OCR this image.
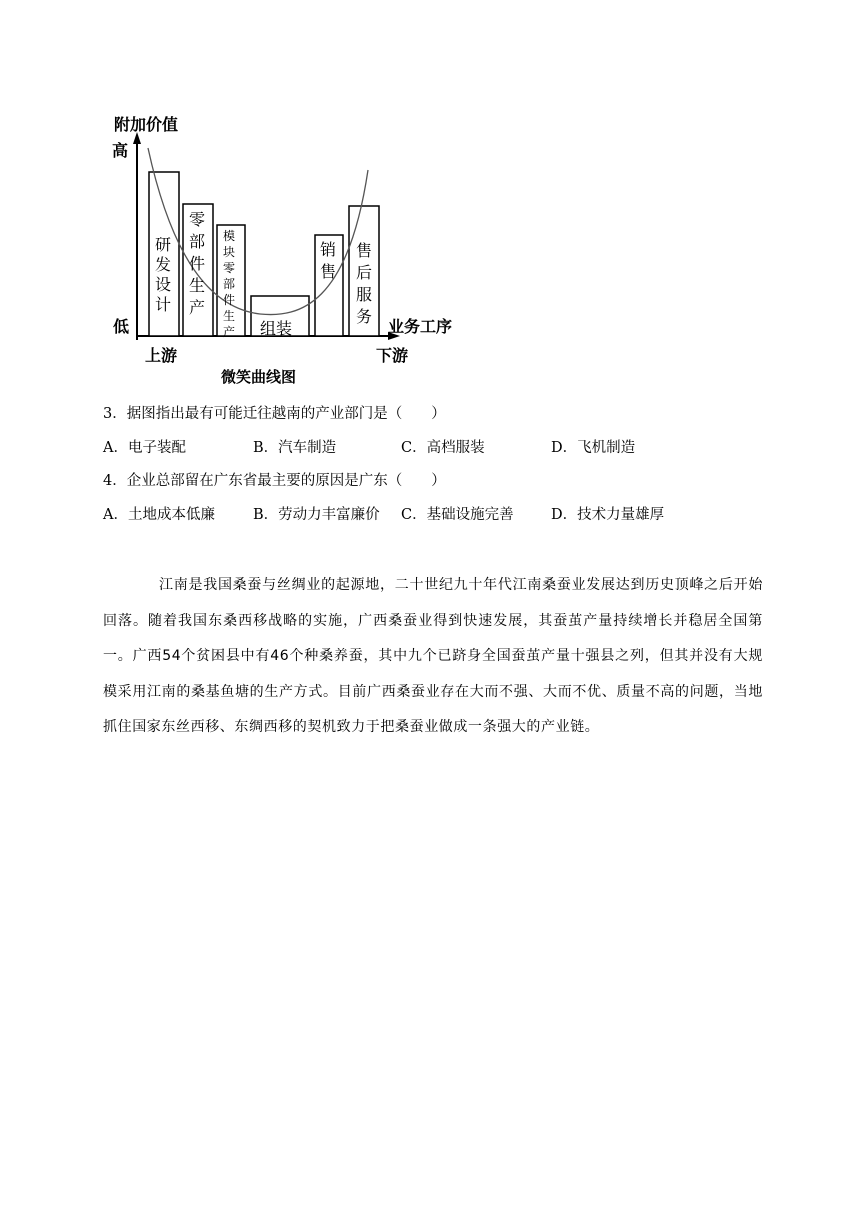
附加价值
高
低	业务工序
上游	下游
微笑曲线图
研
发
设
计
零
部
件
生
产
模
块
零
部
件
生
产 组装
销
售
售
后
服
务
3．据图指出最有可能迁往越南的产业部门是（　　）
A．电子装配	B．汽车制造	C．高档服装	D．飞机制造
4．企业总部留在广东省最主要的原因是广东（　　）
A．土地成本低廉	B．劳动力丰富廉价 C．基础设施完善	D．技术力量雄厚

江南是我国桑蚕与丝绸业的起源地，二十世纪九十年代江南桑蚕业发展达到历史顶峰之后开始回落。随着我国东桑西移战略的实施，广西桑蚕业得到快速发展，其蚕茧产量持续增长并稳居全国第一。广西54个贫困县中有46个种桑养蚕，其中九个已跻身全国蚕茧产量十强县之列，但其并没有大规模采用江南的桑基鱼塘的生产方式。目前广西桑蚕业存在大而不强、大而不优、质量不高的问题，当地抓住国家东丝西移、东绸西移的契机致力于把桑蚕业做成一条强大的产业链。
